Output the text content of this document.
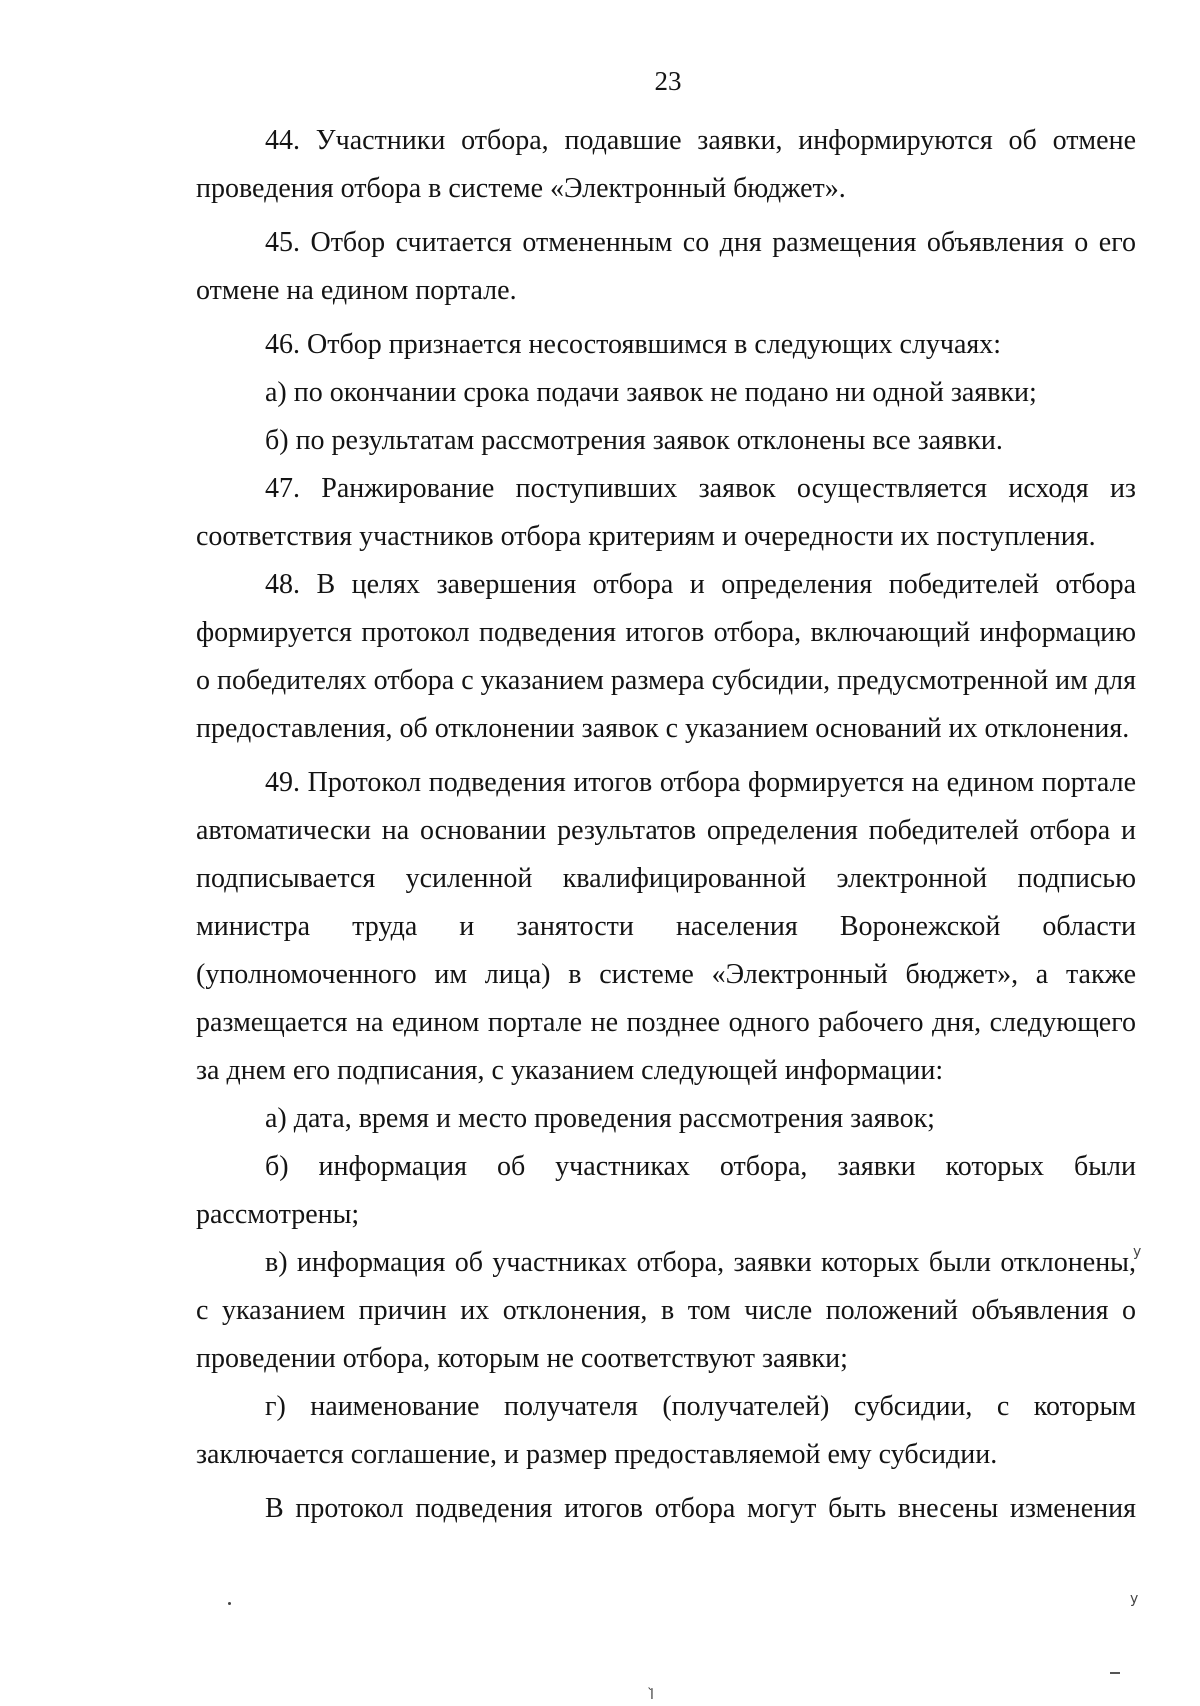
23

44. Участники отбора, подавшие заявки, информируются об отмене проведения отбора в системе «Электронный бюджет».

45. Отбор считается отмененным со дня размещения объявления о его отмене на едином портале.

46. Отбор признается несостоявшимся в следующих случаях:

а) по окончании срока подачи заявок не подано ни одной заявки;

б) по результатам рассмотрения заявок отклонены все заявки.

47. Ранжирование поступивших заявок осуществляется исходя из соответствия участников отбора критериям и очередности их поступления.

48. В целях завершения отбора и определения победителей отбора формируется протокол подведения итогов отбора, включающий информацию о победителях отбора с указанием размера субсидии, предусмотренной им для предоставления, об отклонении заявок с указанием оснований их отклонения.

49. Протокол подведения итогов отбора формируется на едином портале автоматически на основании результатов определения победителей отбора и подписывается усиленной квалифицированной электронной подписью министра труда и занятости населения Воронежской области (уполномоченного им лица) в системе «Электронный бюджет», а также размещается на едином портале не позднее одного рабочего дня, следующего за днем его подписания, с указанием следующей информации:

а) дата, время и место проведения рассмотрения заявок;

б) информация об участниках отбора, заявки которых были рассмотрены;

в) информация об участниках отбора, заявки которых были отклонены, с указанием причин их отклонения, в том числе положений объявления о проведении отбора, которым не соответствуют заявки;

г) наименование получателя (получателей) субсидии, с которым заключается соглашение, и размер предоставляемой ему субсидии.

В протокол подведения итогов отбора могут быть внесены изменения

у
у
ӏ̀
